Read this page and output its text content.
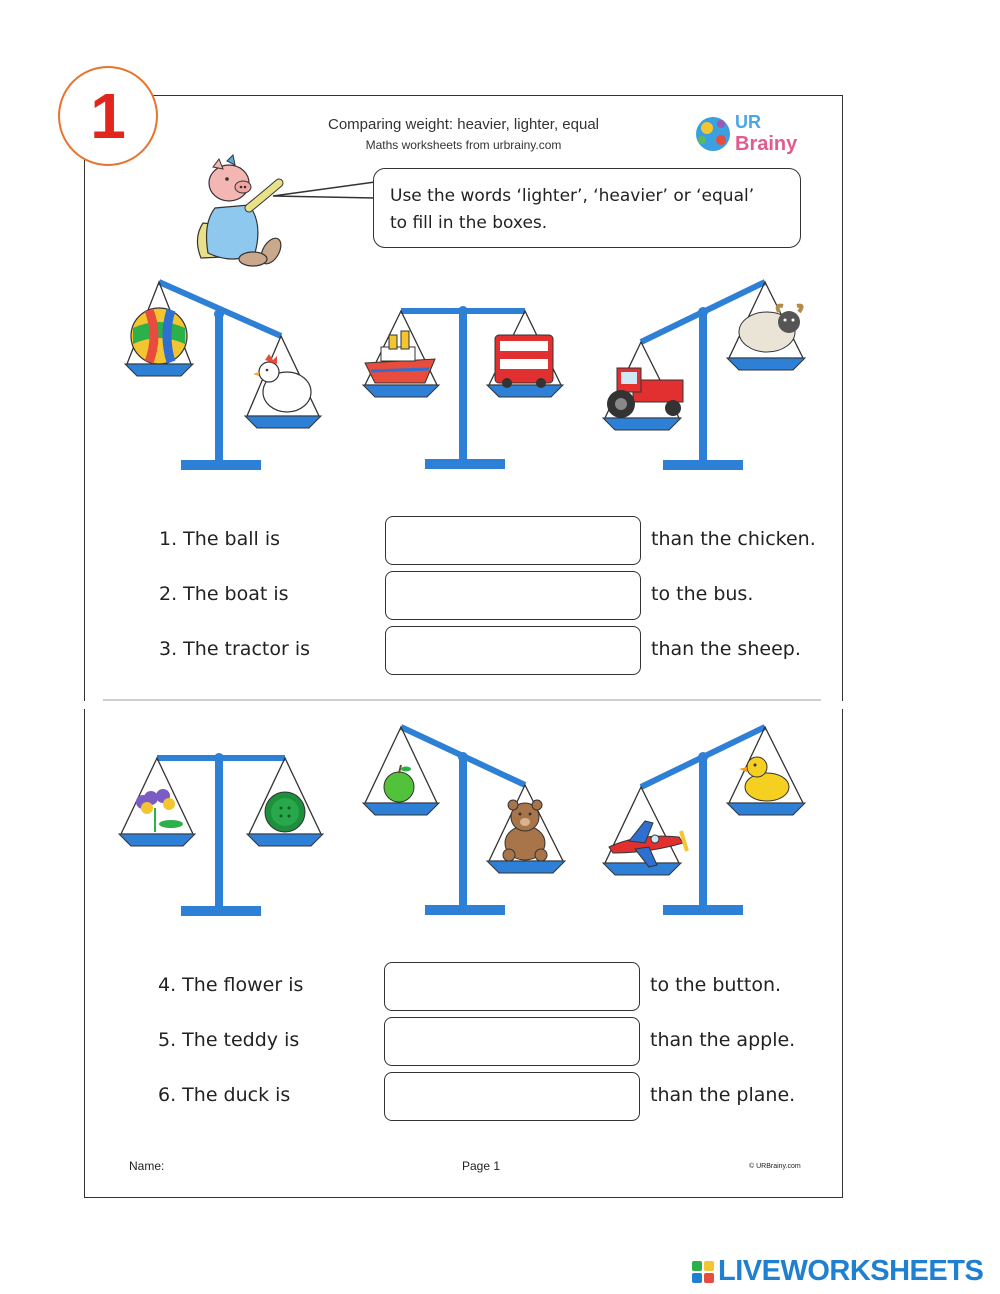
1	Comparing weight: heavier, lighter, equal
Maths worksheets from urbrainy.com
UR
Brainy
Use the words ‘lighter’, ‘heavier’ or ‘equal’
to fill in the boxes.
1. The ball is	than the chicken.
2. The boat is	to the bus.
3. The tractor is	than the sheep.
4. The flower is	to the button.
5. The teddy is	than the apple.
6. The duck is	than the plane.
Name:	Page 1	© URBrainy.com
LIVEWORKSHEETS
